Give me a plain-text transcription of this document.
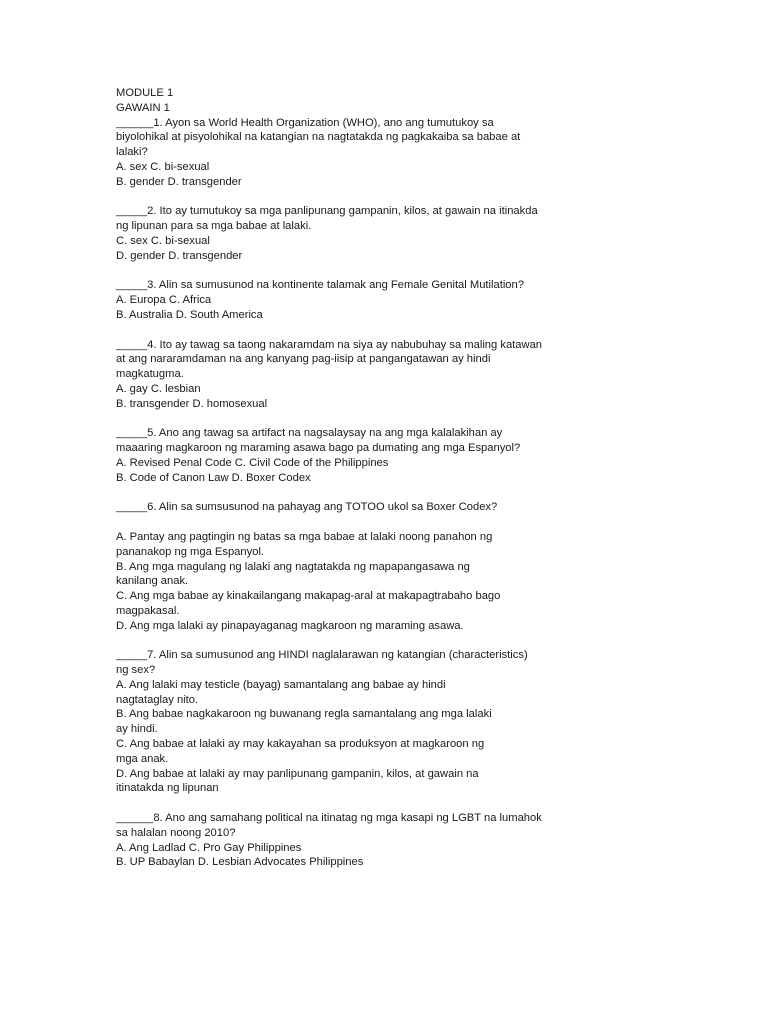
MODULE 1
GAWAIN 1
______1. Ayon sa World Health Organization (WHO), ano ang tumutukoy sa
biyolohikal at pisyolohikal na katangian na nagtatakda ng pagkakaiba sa babae at
lalaki?
A. sex C. bi-sexual
B. gender D. transgender
_____2. Ito ay tumutukoy sa mga panlipunang gampanin, kilos, at gawain na itinakda
ng lipunan para sa mga babae at lalaki.
C. sex C. bi-sexual
D. gender D. transgender
_____3. Alin sa sumusunod na kontinente talamak ang Female Genital Mutilation?
A. Europa C. Africa
B. Australia D. South America
_____4. Ito ay tawag sa taong nakaramdam na siya ay nabubuhay sa maling katawan
at ang nararamdaman na ang kanyang pag-iisip at pangangatawan ay hindi
magkatugma.
A. gay C. lesbian
B. transgender D. homosexual
_____5. Ano ang tawag sa artifact na nagsalaysay na ang mga kalalakihan ay
maaaring magkaroon ng maraming asawa bago pa dumating ang mga Espanyol?
A. Revised Penal Code C. Civil Code of the Philippines
B. Code of Canon Law D. Boxer Codex
_____6. Alin sa sumsusunod na pahayag ang TOTOO ukol sa Boxer Codex?
A. Pantay ang pagtingin ng batas sa mga babae at lalaki noong panahon ng
pananakop ng mga Espanyol.
B. Ang mga magulang ng lalaki ang nagtatakda ng mapapangasawa ng
kanilang anak.
C. Ang mga babae ay kinakailangang makapag-aral at makapagtrabaho bago
magpakasal.
D. Ang mga lalaki ay pinapayaganag magkaroon ng maraming asawa.
_____7. Alin sa sumusunod ang HINDI naglalarawan ng katangian (characteristics)
ng sex?
A. Ang lalaki may testicle (bayag) samantalang ang babae ay hindi
nagtataglay nito.
B. Ang babae nagkakaroon ng buwanang regla samantalang ang mga lalaki
ay hindi.
C. Ang babae at lalaki ay may kakayahan sa produksyon at magkaroon ng
mga anak.
D. Ang babae at lalaki ay may panlipunang gampanin, kilos, at gawain na
itinatakda ng lipunan
______8. Ano ang samahang political na itinatag ng mga kasapi ng LGBT na lumahok
sa halalan noong 2010?
A. Ang Ladlad C. Pro Gay Philippines
B. UP Babaylan D. Lesbian Advocates Philippines
